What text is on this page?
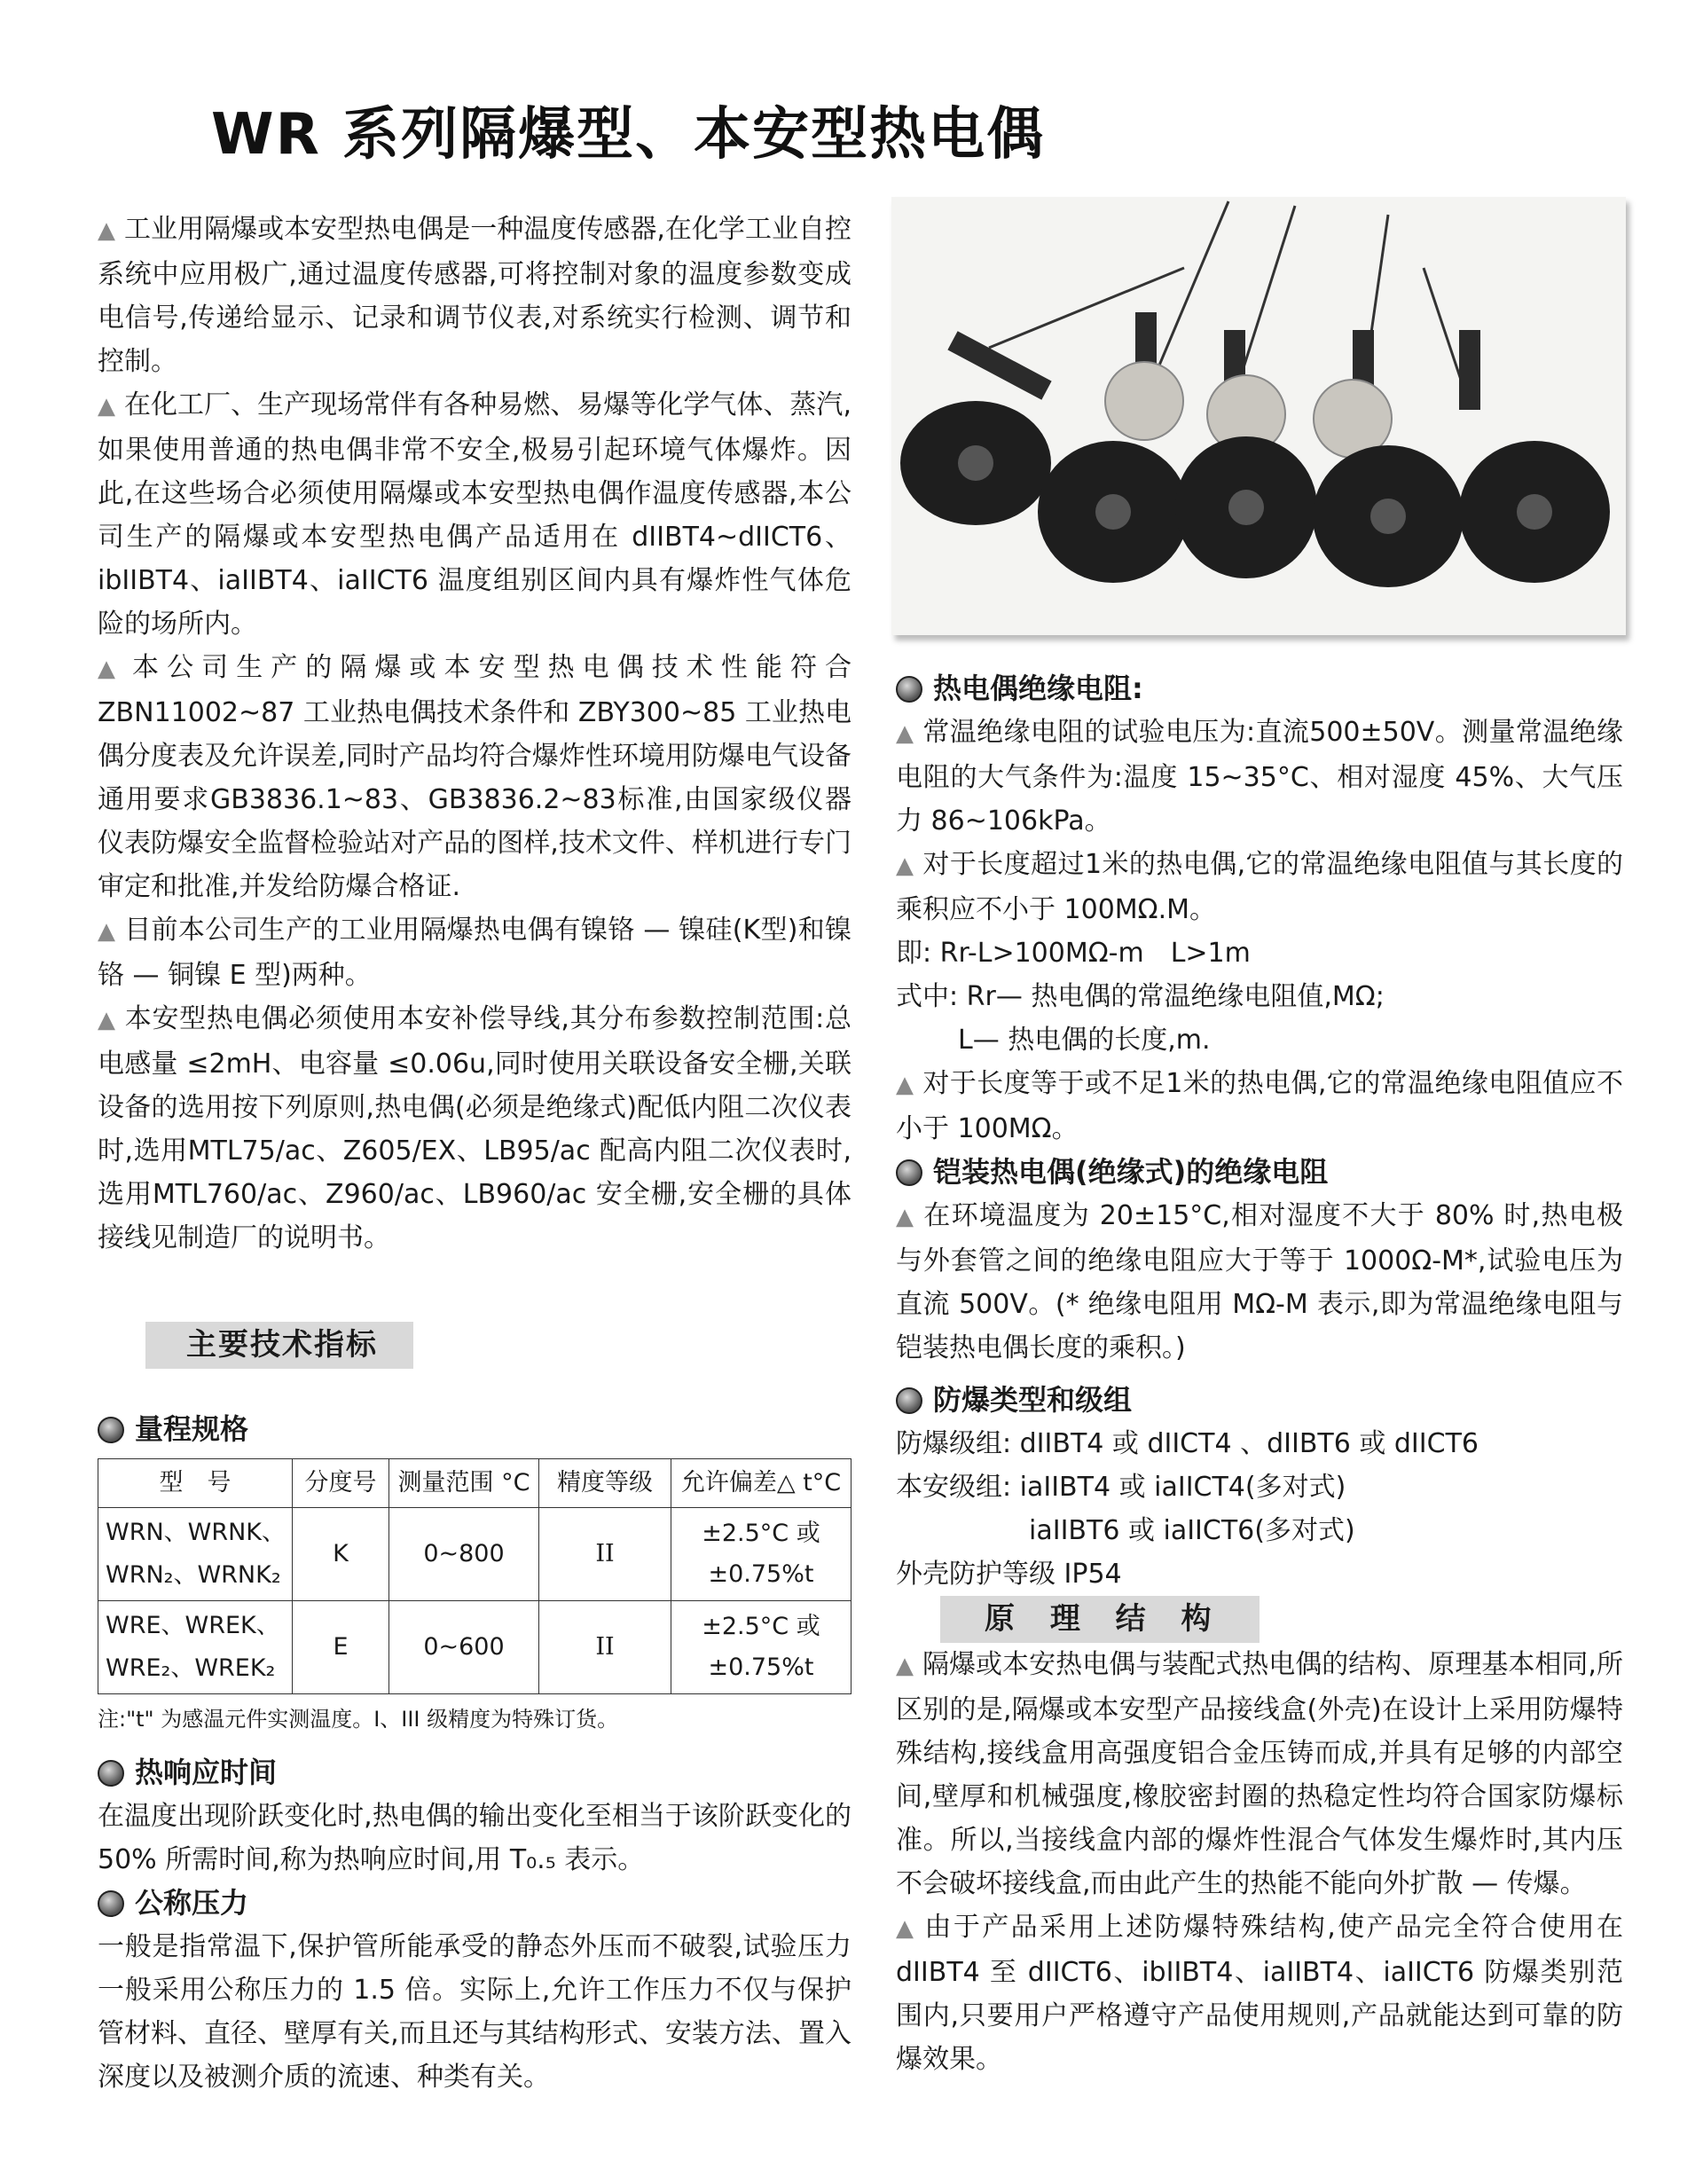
WR 系列隔爆型、本安型热电偶

▲ 工业用隔爆或本安型热电偶是一种温度传感器,在化学工业自控系统中应用极广,通过温度传感器,可将控制对象的温度参数变成电信号,传递给显示、记录和调节仪表,对系统实行检测、调节和控制。

▲ 在化工厂、生产现场常伴有各种易燃、易爆等化学气体、蒸汽,如果使用普通的热电偶非常不安全,极易引起环境气体爆炸。因此,在这些场合必须使用隔爆或本安型热电偶作温度传感器,本公司生产的隔爆或本安型热电偶产品适用在 dIIBT4~dIICT6、ibIIBT4、iaIIBT4、iaIICT6 温度组别区间内具有爆炸性气体危险的场所内。

▲ 本公司生产的隔爆或本安型热电偶技术性能符合 ZBN11002~87 工业热电偶技术条件和 ZBY300~85 工业热电偶分度表及允许误差,同时产品均符合爆炸性环境用防爆电气设备通用要求GB3836.1~83、GB3836.2~83标准,由国家级仪器仪表防爆安全监督检验站对产品的图样,技术文件、样机进行专门审定和批准,并发给防爆合格证.

▲ 目前本公司生产的工业用隔爆热电偶有镍铬 — 镍硅(K型)和镍铬 — 铜镍 E 型)两种。

▲ 本安型热电偶必须使用本安补偿导线,其分布参数控制范围:总电感量 ≤2mH、电容量 ≤0.06u,同时使用关联设备安全栅,关联设备的选用按下列原则,热电偶(必须是绝缘式)配低内阻二次仪表时,选用MTL75/ac、Z605/EX、LB95/ac 配高内阻二次仪表时,选用MTL760/ac、Z960/ac、LB960/ac 安全栅,安全栅的具体接线见制造厂的说明书。

主要技术指标

量程规格

型　号	分度号	测量范围 °C	精度等级	允许偏差△ t°C
WRN、WRNK、
WRN₂、WRNK₂	K	0~800	II	±2.5°C 或
±0.75%t
WRE、WREK、
WRE₂、WREK₂	E	0~600	II	±2.5°C 或
±0.75%t

注:"t" 为感温元件实测温度。I、III 级精度为特殊订货。

热响应时间

在温度出现阶跃变化时,热电偶的输出变化至相当于该阶跃变化的 50% 所需时间,称为热响应时间,用 T₀.₅ 表示。

公称压力

一般是指常温下,保护管所能承受的静态外压而不破裂,试验压力一般采用公称压力的 1.5 倍。实际上,允许工作压力不仅与保护管材料、直径、壁厚有关,而且还与其结构形式、安装方法、置入深度以及被测介质的流速、种类有关。

热电偶绝缘电阻:

▲ 常温绝缘电阻的试验电压为:直流500±50V。测量常温绝缘电阻的大气条件为:温度 15~35°C、相对湿度 45%、大气压力 86~106kPa。

▲ 对于长度超过1米的热电偶,它的常温绝缘电阻值与其长度的乘积应不小于 100MΩ.M。

即: Rr-L>100MΩ-m　L>1m

式中: Rr— 热电偶的常温绝缘电阻值,MΩ;

L— 热电偶的长度,m.

▲ 对于长度等于或不足1米的热电偶,它的常温绝缘电阻值应不小于 100MΩ。

铠装热电偶(绝缘式)的绝缘电阻

▲ 在环境温度为 20±15°C,相对湿度不大于 80% 时,热电极与外套管之间的绝缘电阻应大于等于 1000Ω-M*,试验电压为直流 500V。(* 绝缘电阻用 MΩ-M 表示,即为常温绝缘电阻与铠装热电偶长度的乘积。)

防爆类型和级组

防爆级组: dIIBT4 或 dIICT4 、dIIBT6 或 dIICT6

本安级组: iaIIBT4 或 iaIICT4(多对式)

iaIIBT6 或 iaIICT6(多对式)

外壳防护等级 IP54

原 理 结 构

▲ 隔爆或本安热电偶与装配式热电偶的结构、原理基本相同,所区别的是,隔爆或本安型产品接线盒(外壳)在设计上采用防爆特殊结构,接线盒用高强度铝合金压铸而成,并具有足够的内部空间,壁厚和机械强度,橡胶密封圈的热稳定性均符合国家防爆标准。所以,当接线盒内部的爆炸性混合气体发生爆炸时,其内压不会破坏接线盒,而由此产生的热能不能向外扩散 — 传爆。

▲ 由于产品采用上述防爆特殊结构,使产品完全符合使用在 dIIBT4 至 dIICT6、ibIIBT4、iaIIBT4、iaIICT6 防爆类别范围内,只要用户严格遵守产品使用规则,产品就能达到可靠的防爆效果。
